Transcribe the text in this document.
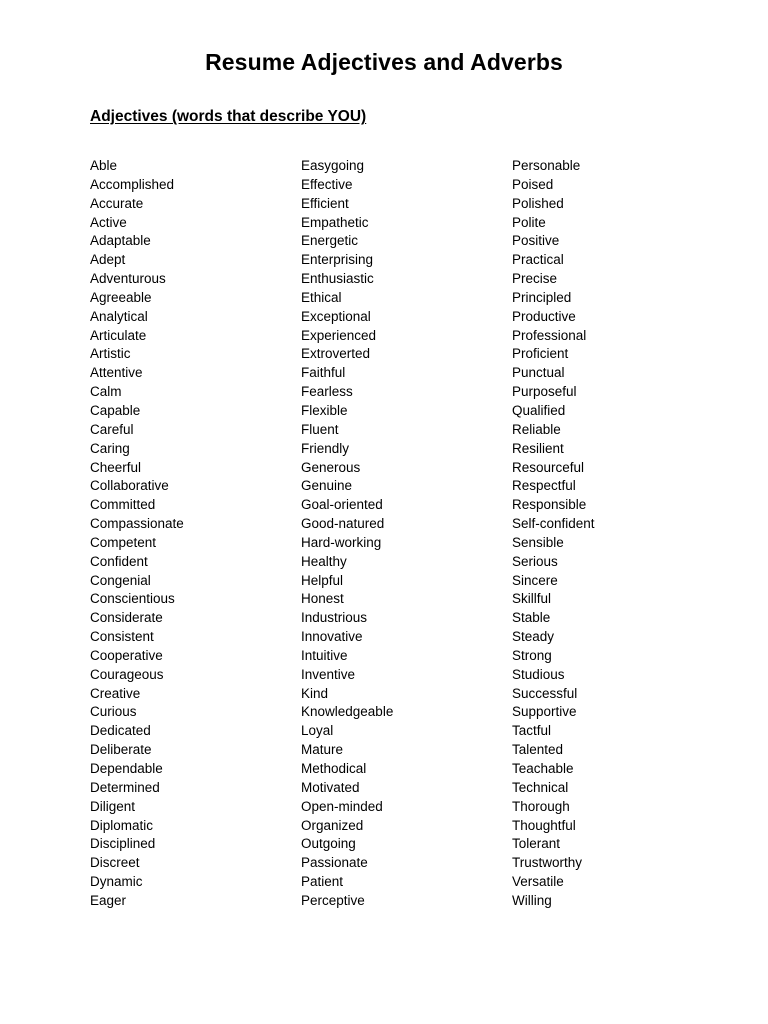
Resume Adjectives and Adverbs
Adjectives (words that describe YOU)
Able
Accomplished
Accurate
Active
Adaptable
Adept
Adventurous
Agreeable
Analytical
Articulate
Artistic
Attentive
Calm
Capable
Careful
Caring
Cheerful
Collaborative
Committed
Compassionate
Competent
Confident
Congenial
Conscientious
Considerate
Consistent
Cooperative
Courageous
Creative
Curious
Dedicated
Deliberate
Dependable
Determined
Diligent
Diplomatic
Disciplined
Discreet
Dynamic
Eager
Easygoing
Effective
Efficient
Empathetic
Energetic
Enterprising
Enthusiastic
Ethical
Exceptional
Experienced
Extroverted
Faithful
Fearless
Flexible
Fluent
Friendly
Generous
Genuine
Goal-oriented
Good-natured
Hard-working
Healthy
Helpful
Honest
Industrious
Innovative
Intuitive
Inventive
Kind
Knowledgeable
Loyal
Mature
Methodical
Motivated
Open-minded
Organized
Outgoing
Passionate
Patient
Perceptive
Personable
Poised
Polished
Polite
Positive
Practical
Precise
Principled
Productive
Professional
Proficient
Punctual
Purposeful
Qualified
Reliable
Resilient
Resourceful
Respectful
Responsible
Self-confident
Sensible
Serious
Sincere
Skillful
Stable
Steady
Strong
Studious
Successful
Supportive
Tactful
Talented
Teachable
Technical
Thorough
Thoughtful
Tolerant
Trustworthy
Versatile
Willing
